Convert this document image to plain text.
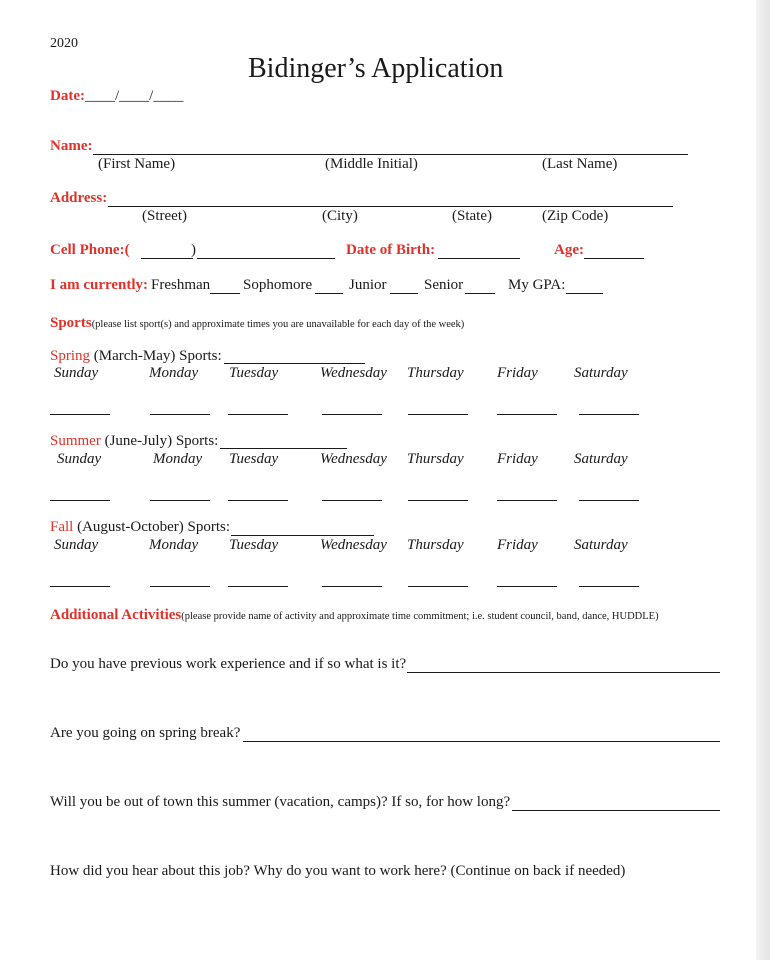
2020
Bidinger’s Application
Date:____/____/____
Name:
(First Name)	(Middle Initial)	(Last Name)
Address:
(Street)	(City)	(State)	(Zip Code)
Cell Phone:(	)	Date of Birth:	Age:
I am currently: Freshman Sophomore Junior	Senior	My GPA:
Sports(please list sport(s) and approximate times you are unavailable for each day of the week)
Spring (March-May) Sports:
Sunday	Monday Tuesday	Wednesday Thursday Friday Saturday
Summer (June-July) Sports:
Sunday	Monday Tuesday	Wednesday Thursday Friday Saturday
Fall (August-October) Sports:
Sunday	Monday Tuesday	Wednesday Thursday Friday Saturday
Additional Activities(please provide name of activity and approximate time commitment; i.e. student council, band, dance, HUDDLE)
Do you have previous work experience and if so what is it?
Are you going on spring break?
Will you be out of town this summer (vacation, camps)? If so, for how long?
How did you hear about this job? Why do you want to work here? (Continue on back if needed)
